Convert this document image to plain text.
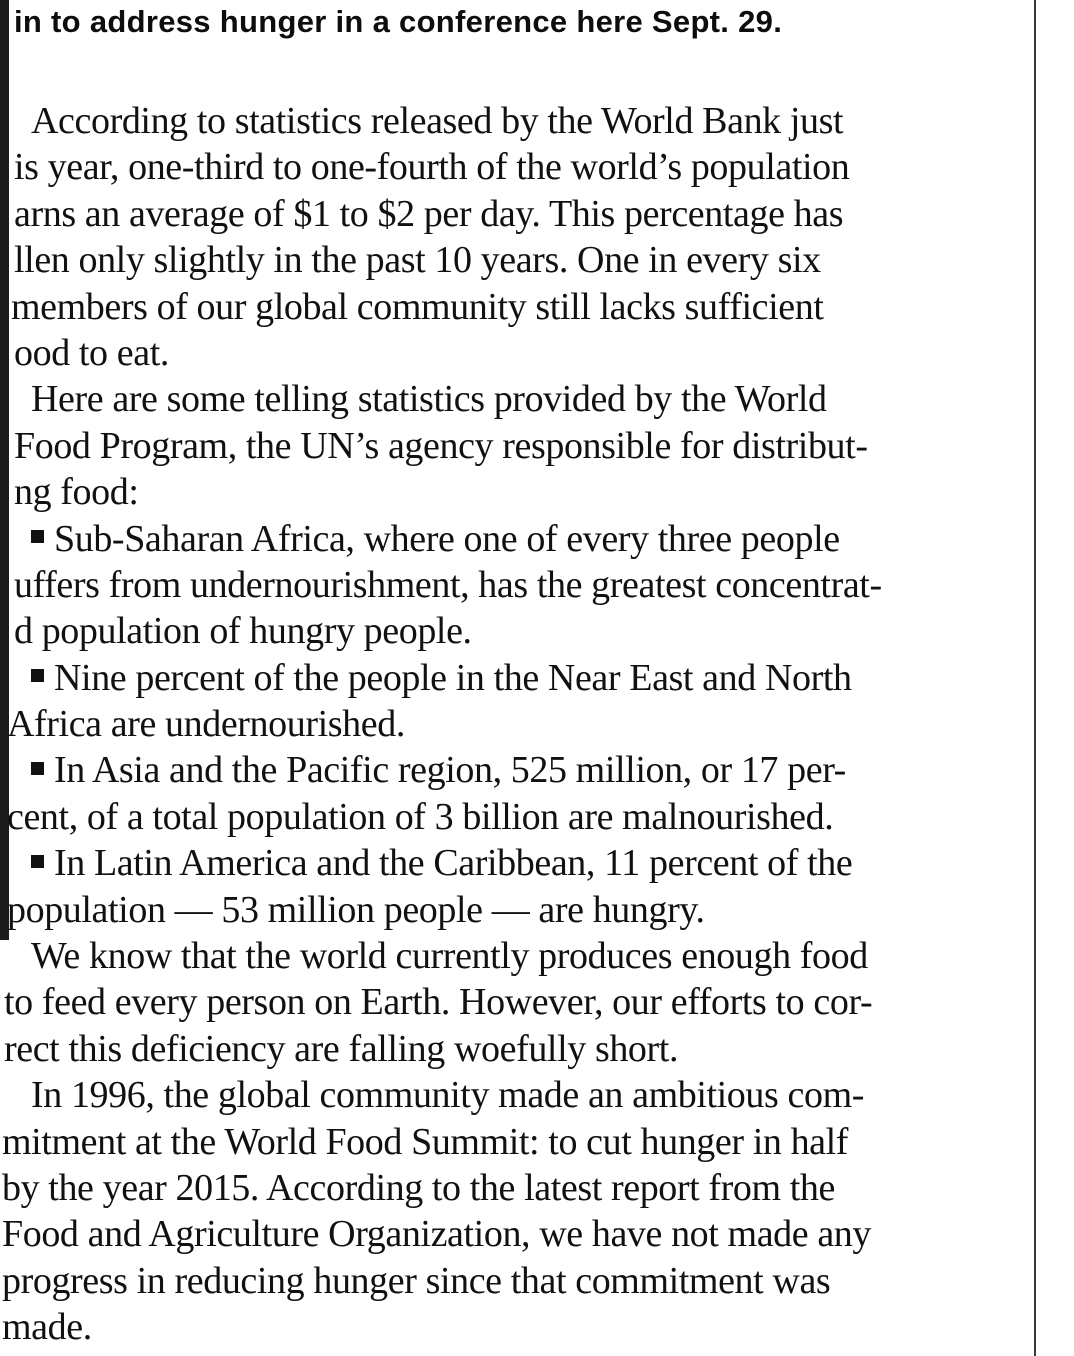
in to address hunger in a conference here Sept. 29.
According to statistics released by the World Bank just
is year, one-third to one-fourth of the world’s population
arns an average of $1 to $2 per day. This percentage has
llen only slightly in the past 10 years. One in every six
members of our global community still lacks sufficient
ood to eat.
Here are some telling statistics provided by the World
Food Program, the UN’s agency responsible for distribut-
ng food:
Sub-Saharan Africa, where one of every three people
uffers from undernourishment, has the greatest concentrat-
d population of hungry people.
Nine percent of the people in the Near East and North
Africa are undernourished.
In Asia and the Pacific region, 525 million, or 17 per-
cent, of a total population of 3 billion are malnourished.
In Latin America and the Caribbean, 11 percent of the
population — 53 million people — are hungry.
We know that the world currently produces enough food
to feed every person on Earth. However, our efforts to cor-
rect this deficiency are falling woefully short.
In 1996, the global community made an ambitious com-
mitment at the World Food Summit: to cut hunger in half
by the year 2015. According to the latest report from the
Food and Agriculture Organization, we have not made any
progress in reducing hunger since that commitment was
made.
